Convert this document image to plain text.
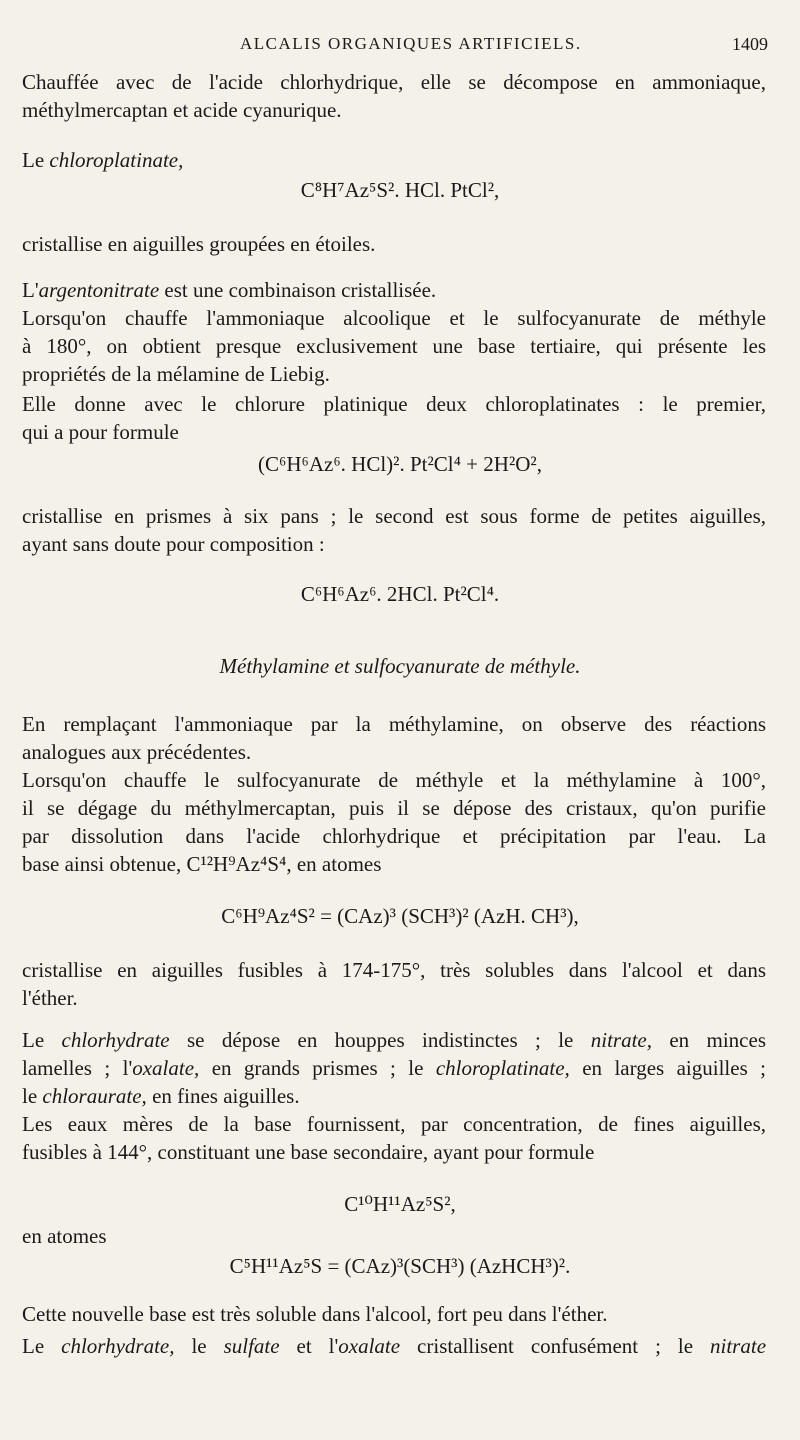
ALCALIS ORGANIQUES ARTIFICIELS.	1409
Chauffée avec de l'acide chlorhydrique, elle se décompose en ammoniaque,
méthylmercaptan et acide cyanurique.
Le chloroplatinate,
C⁸H⁷Az⁵S². HCl. PtCl²,
cristallise en aiguilles groupées en étoiles.
L'argentonitrate est une combinaison cristallisée.
Lorsqu'on chauffe l'ammoniaque alcoolique et le sulfocyanurate de méthyle
à 180°, on obtient presque exclusivement une base tertiaire, qui présente les
propriétés de la mélamine de Liebig.
Elle donne avec le chlorure platinique deux chloroplatinates : le premier,
qui a pour formule
(C⁶H⁶Az⁶. HCl)². Pt²Cl⁴ + 2H²O²,
cristallise en prismes à six pans ; le second est sous forme de petites aiguilles,
ayant sans doute pour composition :
C⁶H⁶Az⁶. 2HCl. Pt²Cl⁴.
Méthylamine et sulfocyanurate de méthyle.
En remplaçant l'ammoniaque par la méthylamine, on observe des réactions
analogues aux précédentes.
Lorsqu'on chauffe le sulfocyanurate de méthyle et la méthylamine à 100°,
il se dégage du méthylmercaptan, puis il se dépose des cristaux, qu'on purifie
par dissolution dans l'acide chlorhydrique et précipitation par l'eau. La
base ainsi obtenue, C¹²H⁹Az⁴S⁴, en atomes
C⁶H⁹Az⁴S² = (CAz)³ (SCH³)² (AzH. CH³),
cristallise en aiguilles fusibles à 174-175°, très solubles dans l'alcool et dans
l'éther.
Le chlorhydrate se dépose en houppes indistinctes ; le nitrate, en minces
lamelles ; l'oxalate, en grands prismes ; le chloroplatinate, en larges aiguilles ;
le chloraurate, en fines aiguilles.
Les eaux mères de la base fournissent, par concentration, de fines aiguilles,
fusibles à 144°, constituant une base secondaire, ayant pour formule
C¹⁰H¹¹Az⁵S²,
en atomes
C⁵H¹¹Az⁵S = (CAz)³(SCH³) (AzHCH³)².
Cette nouvelle base est très soluble dans l'alcool, fort peu dans l'éther.
Le chlorhydrate, le sulfate et l'oxalate cristallisent confusément ; le nitrate
